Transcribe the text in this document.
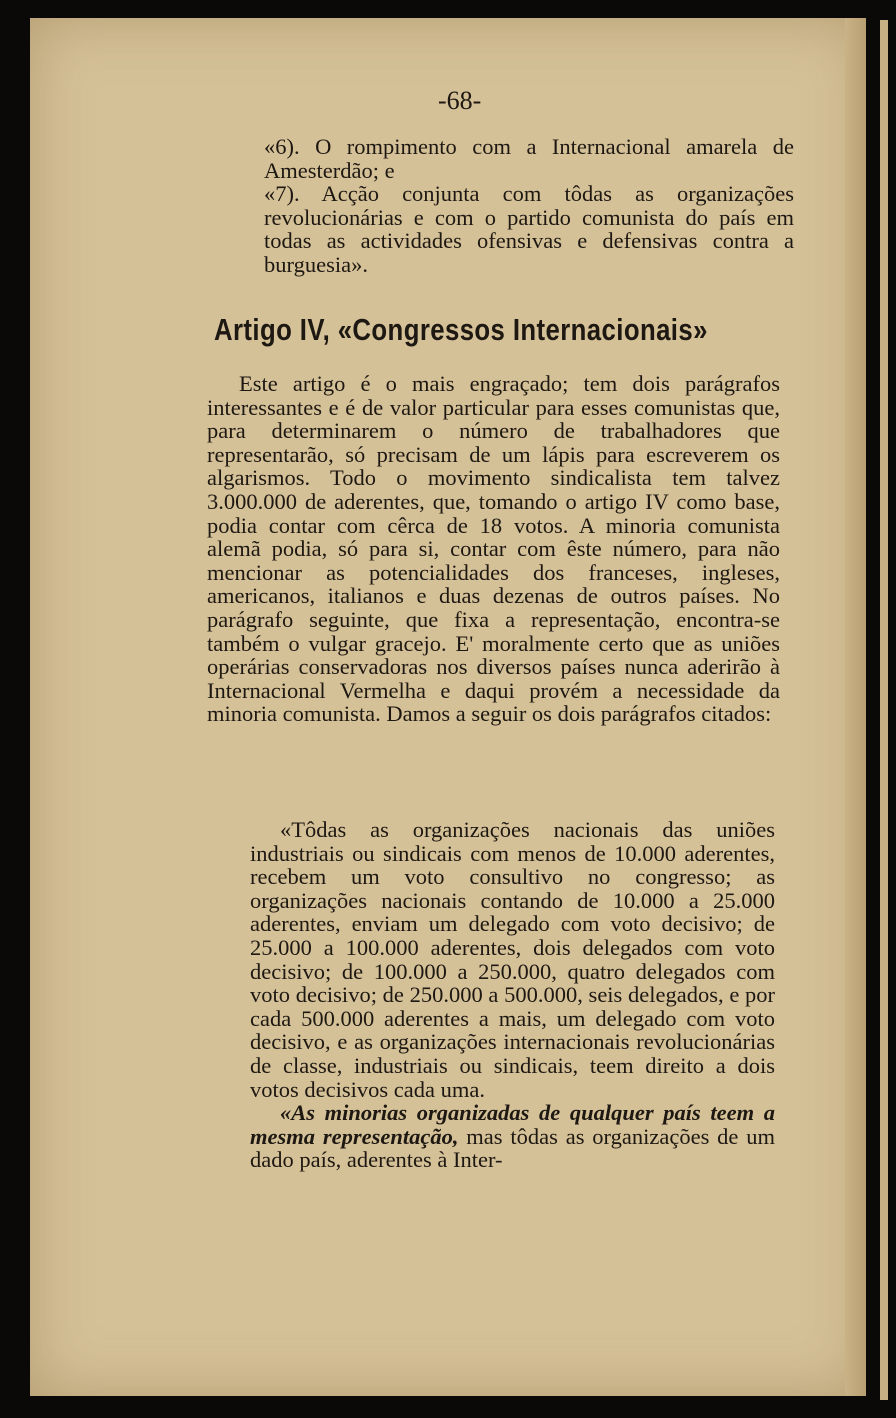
-68-
«6). O rompimento com a Internacional amarela de Amesterdão; e
«7). Acção conjunta com tôdas as organizações revolucionárias e com o partido comunista do país em todas as actividades ofensivas e defensivas contra a burguesia».
Artigo IV, «Congressos Internacionais»

Este artigo é o mais engraçado; tem dois parágrafos interessantes e é de valor particular para esses comunistas que, para determinarem o número de trabalhadores que representarão, só precisam de um lápis para escreverem os algarismos. Todo o movimento sindicalista tem talvez 3.000.000 de aderentes, que, tomando o artigo IV como base, podia contar com cêrca de 18 votos. A minoria comunista alemã podia, só para si, contar com êste número, para não mencionar as potencialidades dos franceses, ingleses, americanos, italianos e duas dezenas de outros países. No parágrafo seguinte, que fixa a representação, encontra-se também o vulgar gracejo. E' moralmente certo que as uniões operárias conservadoras nos diversos países nunca aderirão à Internacional Vermelha e daqui provém a necessidade da minoria comunista. Damos a seguir os dois parágrafos citados:

«Tôdas as organizações nacionais das uniões industriais ou sindicais com menos de 10.000 aderentes, recebem um voto consultivo no congresso; as organizações nacionais contando de 10.000 a 25.000 aderentes, enviam um delegado com voto decisivo; de 25.000 a 100.000 aderentes, dois delegados com voto decisivo; de 100.000 a 250.000, quatro delegados com voto decisivo; de 250.000 a 500.000, seis delegados, e por cada 500.000 aderentes a mais, um delegado com voto decisivo, e as organizações internacionais revolucionárias de classe, industriais ou sindicais, teem direito a dois votos decisivos cada uma.
«As minorias organizadas de qualquer país teem a mesma representação, mas tôdas as organizações de um dado país, aderentes à Inter-
